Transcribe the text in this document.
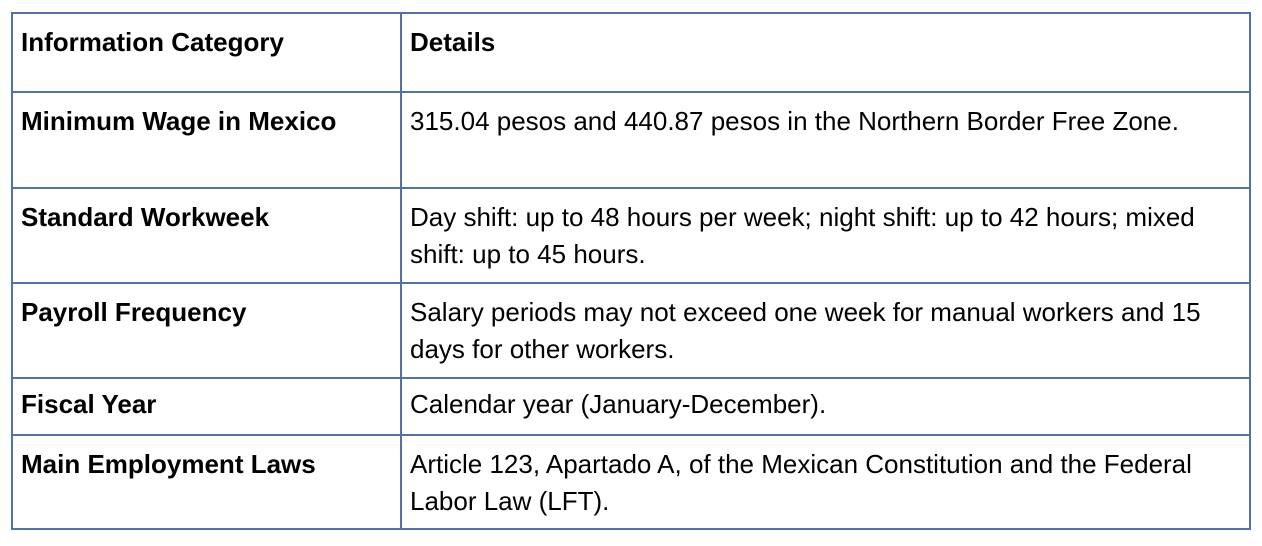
Information Category	Details
Minimum Wage in Mexico	315.04 pesos and 440.87 pesos in the Northern Border Free Zone.
Standard Workweek	Day shift: up to 48 hours per week; night shift: up to 42 hours; mixed shift: up to 45 hours.
Payroll Frequency	Salary periods may not exceed one week for manual workers and 15 days for other workers.
Fiscal Year	Calendar year (January-December).
Main Employment Laws	Article 123, Apartado A, of the Mexican Constitution and the Federal Labor Law (LFT).
